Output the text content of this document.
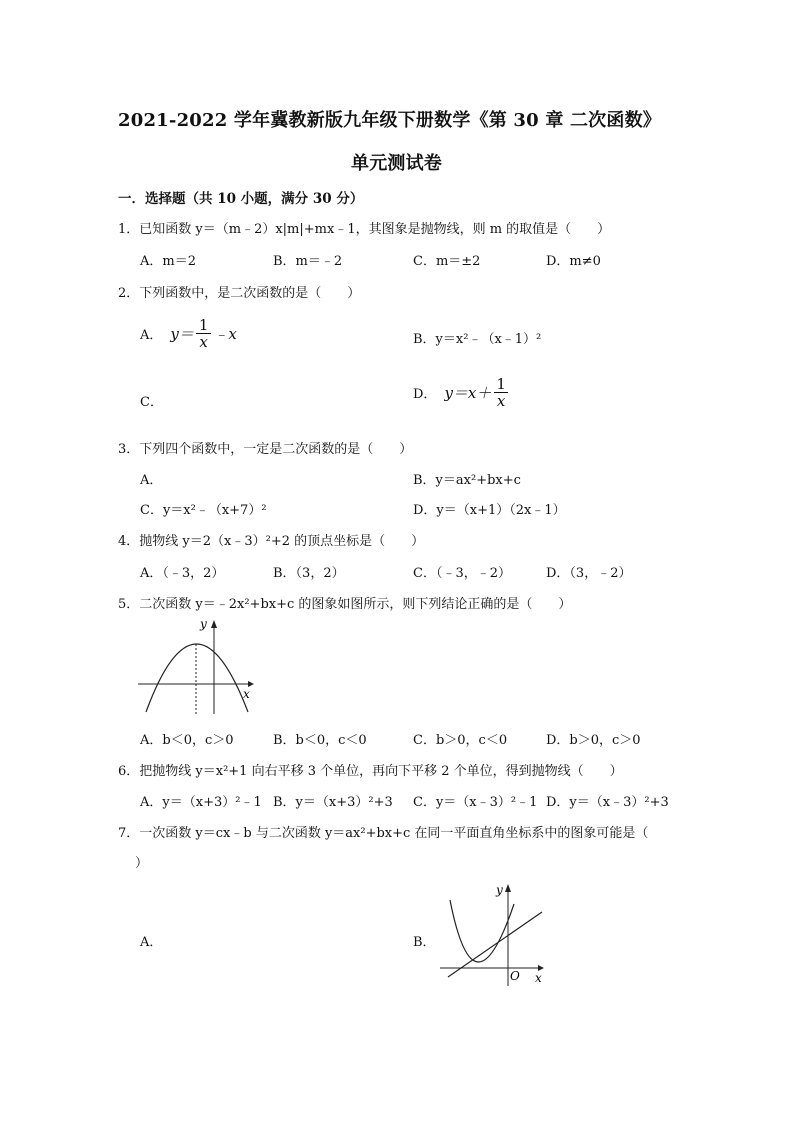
2021-2022 学年冀教新版九年级下册数学《第 30 章 二次函数》
单元测试卷
一．选择题（共 10 小题，满分 30 分）
1．已知函数 y＝（m﹣2）x|m|+mx﹣1，其图象是抛物线，则 m 的取值是（　　）
A．m＝2	B．m＝﹣2	C．m＝±2	D．m≠0
2．下列函数中，是二次函数的是（　　）
A． $y= \frac{1}{x}$ ﹣x	B．y＝x²﹣（x﹣1）²
C．
D． $y=x+ \frac{1}{x}$
3．下列四个函数中，一定是二次函数的是（　　）
A．	B．y＝ax²+bx+c
C．y＝x²﹣（x+7）²	D．y＝（x+1）（2x﹣1）
4．抛物线 y＝2（x﹣3）²+2 的顶点坐标是（　　）
A．（﹣3，2）	B．（3，2）	C．（﹣3，﹣2）	D．（3，﹣2）
5．二次函数 y＝﹣2x²+bx+c 的图象如图所示，则下列结论正确的是（　　）
y
x
A．b＜0，c＞0	B．b＜0，c＜0	C．b＞0，c＜0	D．b＞0，c＞0
6．把抛物线 y＝x²+1 向右平移 3 个单位，再向下平移 2 个单位，得到抛物线（　　）
A．y＝（x+3）²﹣1 B．y＝（x+3）²+3 C．y＝（x﹣3）²﹣1 D．y＝（x﹣3）²+3
7．一次函数 y＝cx﹣b 与二次函数 y＝ax²+bx+c 在同一平面直角坐标系中的图象可能是（
）
A．	B．
y
x
O
